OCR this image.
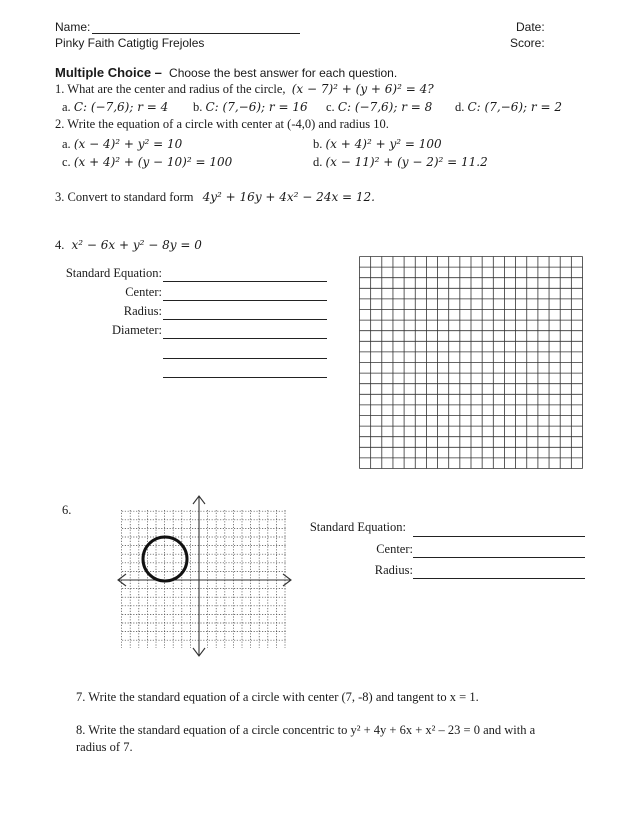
Name:
Pinky Faith Catigtig Frejoles
Date:
Score:
Multiple Choice – Choose the best answer for each question.
1. What are the center and radius of the circle, (x − 7)² + (y + 6)² = 4?
a. C: (−7,6); r = 4 b. C: (7,−6); r = 16 c. C: (−7,6); r = 8 d. C: (7,−6); r = 2
2. Write the equation of a circle with center at (-4,0) and radius 10.
a. (x − 4)² + y² = 10	b. (x + 4)² + y² = 100
c. (x + 4)² + (y − 10)² = 100	d. (x − 11)² + (y − 2)² = 11.2
3. Convert to standard form 4y² + 16y + 4x² − 24x = 12.
4. x² − 6x + y² − 8y = 0
Standard Equation:
Center:
Radius:
Diameter:
6.
Standard Equation:
Center:
Radius:
7. Write the standard equation of a circle with center (7, -8) and tangent to x = 1.
8. Write the standard equation of a circle concentric to y² + 4y + 6x + x² – 23 = 0 and with a
radius of 7.
